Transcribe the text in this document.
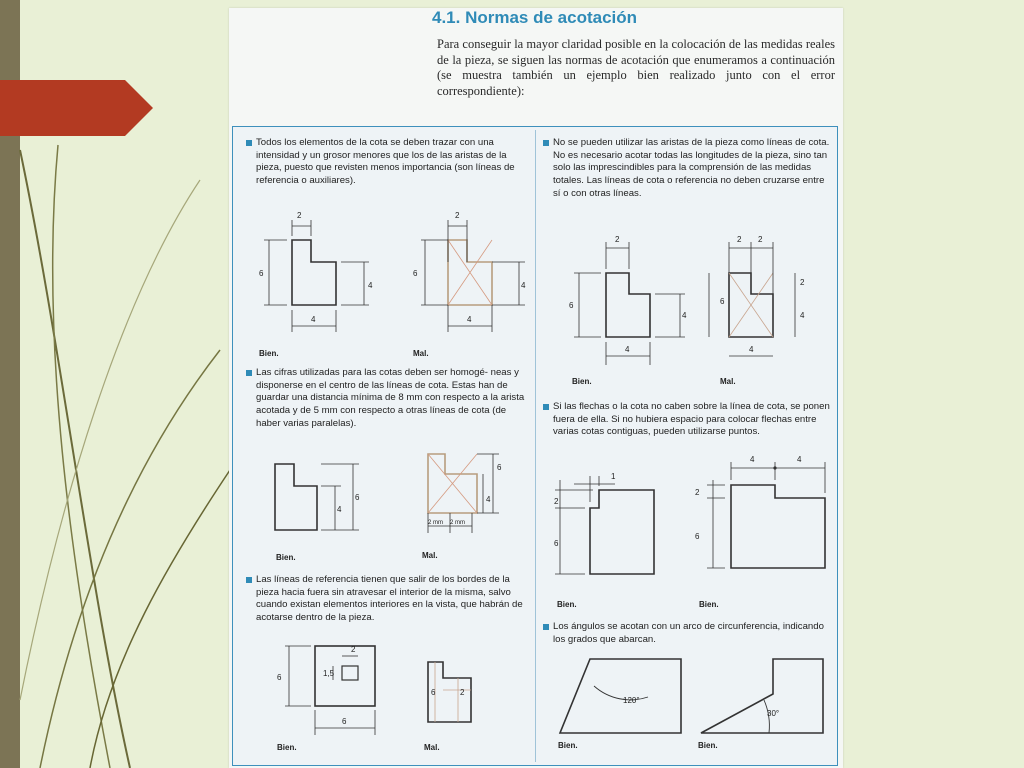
4.1. Normas de acotación

Para conseguir la mayor claridad posible en la colocación de las medidas reales de la pieza, se siguen las normas de acotación que enumeramos a continuación (se muestra también un ejemplo bien realizado junto con el error correspondiente):

Todos los elementos de la cota se deben trazar con una intensidad y un grosor menores que los de las aristas de la pieza, puesto que revisten menos importancia (son líneas de referencia o auxiliares).

Las cifras utilizadas para las cotas deben ser homogé- neas y disponerse en el centro de las líneas de cota. Estas han de guardar una distancia mínima de 8 mm con respecto a la arista acotada y de 5 mm con respecto a otras líneas de cota (de haber varias paralelas).

Las líneas de referencia tienen que salir de los bordes de la pieza hacia fuera sin atravesar el interior de la misma, salvo cuando existan elementos interiores en la vista, que habrán de acotarse dentro de la pieza.

No se pueden utilizar las aristas de la pieza como líneas de cota. No es necesario acotar todas las longitudes de la pieza, sino tan solo las imprescindibles para la comprensión de las medidas totales. Las líneas de cota o referencia no deben cruzarse entre sí o con otras líneas.

Si las flechas o la cota no caben sobre la línea de cota, se ponen fuera de ella. Si no hubiera espacio para colocar flechas entre varias cotas contiguas, pueden utilizarse puntos.

Los ángulos se acotan con un arco de circunferencia, indicando los grados que abarcan.

Bien.	Mal.
Bien.	Mal.
Bien.	Mal.
Bien.	Mal.
Bien.	Bien.
Bien.	Bien.
2
6
4
4
2
6
4
4
6
4
6
4
2 mm 2 mm
2
6	1,5
6
6	2
2
6
4
4
2 2
6
2
4
4
1
2
6
4	4
2
6
120°
30°
